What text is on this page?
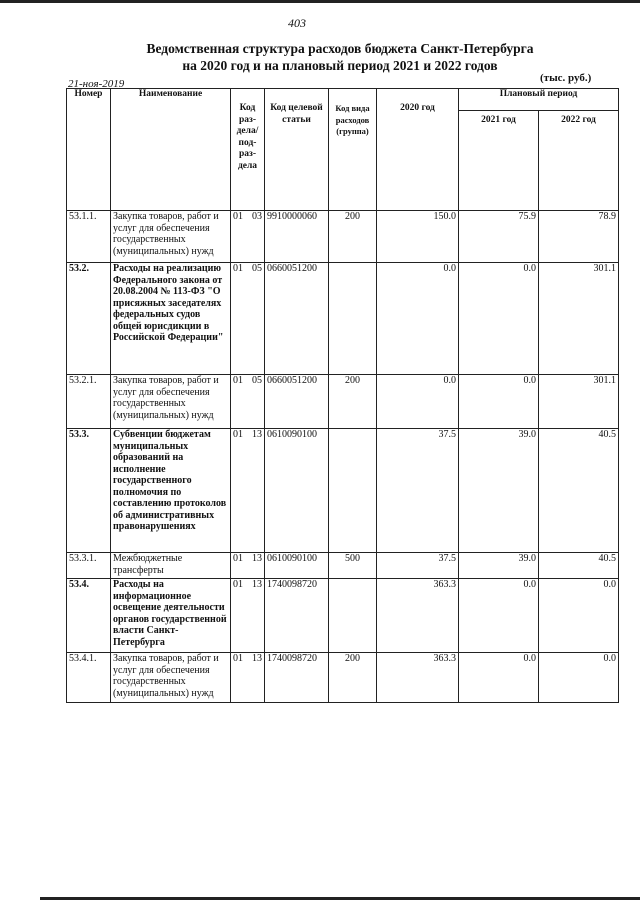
403
Ведомственная структура расходов бюджета Санкт-Петербурга
на 2020 год и на плановый период 2021 и 2022 годов
21-ноя-2019	(тыс. руб.)
Номер	Наименование	Код раз-дела/ под-раз-дела	Код целевой статьи	Код вида расходов (группа)	2020 год	Плановый период	
						2021 год	2022 год
53.1.1.	Закупка товаров, работ и услуг для обеспечения государственных (муниципальных) нужд	01 03	9910000060	200	150.0	75.9	78.9
53.2.	Расходы на реализацию Федерального закона от 20.08.2004 № 113-ФЗ "О присяжных заседателях федеральных судов общей юрисдикции в Российской Федерации"	01 05	0660051200		0.0	0.0	301.1
53.2.1.	Закупка товаров, работ и услуг для обеспечения государственных (муниципальных) нужд	01 05	0660051200	200	0.0	0.0	301.1
53.3.	Субвенции бюджетам муниципальных образований на исполнение государственного полномочия по составлению протоколов об административных правонарушениях	01 13	0610090100		37.5	39.0	40.5
53.3.1.	Межбюджетные трансферты	01 13	0610090100	500	37.5	39.0	40.5
53.4.	Расходы на информационное освещение деятельности органов государственной власти Санкт-Петербурга	01 13	1740098720		363.3	0.0	0.0
53.4.1.	Закупка товаров, работ и услуг для обеспечения государственных (муниципальных) нужд	01 13	1740098720	200	363.3	0.0	0.0
